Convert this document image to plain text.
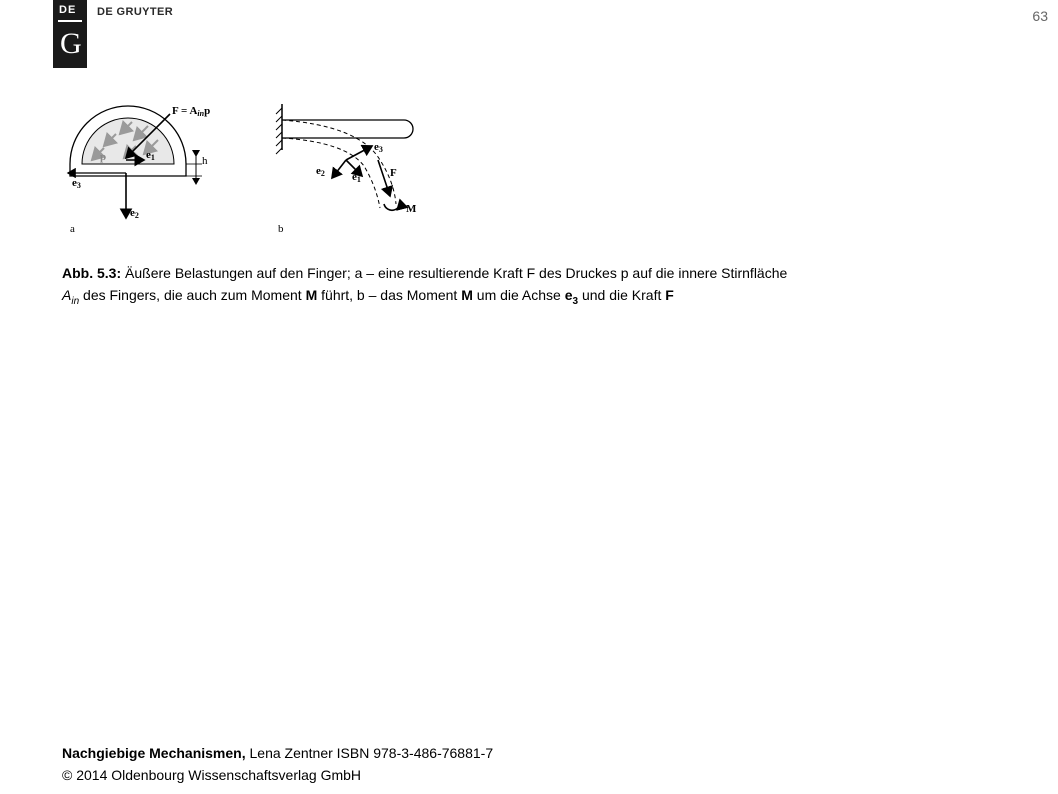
DE
G
DE GRUYTER	63
F = Ainp
p	e1
e3
e2
h
a
e3
e2 e1
F
M
b
Abb. 5.3: Äußere Belastungen auf den Finger; a – eine resultierende Kraft F des Druckes p auf die innere Stirnfläche
$A_{in}$ des Fingers, die auch zum Moment M führt, b – das Moment M um die Achse $e_3$ und die Kraft F
Nachgiebige Mechanismen, Lena Zentner ISBN 978-3-486-76881-7
© 2014 Oldenbourg Wissenschaftsverlag GmbH
